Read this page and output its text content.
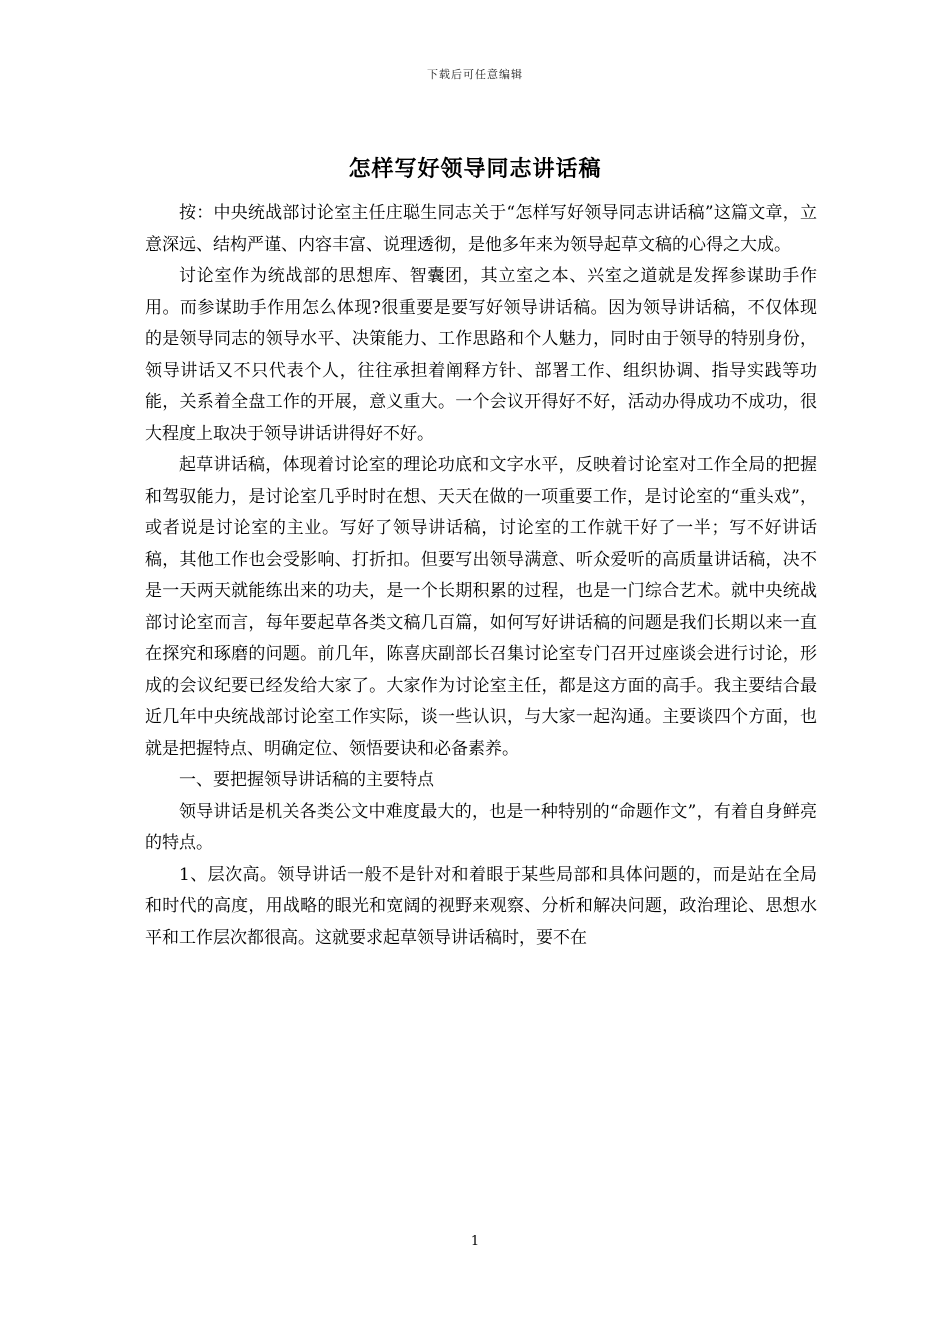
下载后可任意编辑
怎样写好领导同志讲话稿

按：中央统战部讨论室主任庄聪生同志关于“怎样写好领导同志讲话稿”这篇文章，立意深远、结构严谨、内容丰富、说理透彻，是他多年来为领导起草文稿的心得之大成。

讨论室作为统战部的思想库、智囊团，其立室之本、兴室之道就是发挥参谋助手作用。而参谋助手作用怎么体现?很重要是要写好领导讲话稿。因为领导讲话稿，不仅体现的是领导同志的领导水平、决策能力、工作思路和个人魅力，同时由于领导的特别身份，领导讲话又不只代表个人，往往承担着阐释方针、部署工作、组织协调、指导实践等功能，关系着全盘工作的开展，意义重大。一个会议开得好不好，活动办得成功不成功，很大程度上取决于领导讲话讲得好不好。

起草讲话稿，体现着讨论室的理论功底和文字水平，反映着讨论室对工作全局的把握和驾驭能力，是讨论室几乎时时在想、天天在做的一项重要工作，是讨论室的“重头戏”，或者说是讨论室的主业。写好了领导讲话稿，讨论室的工作就干好了一半；写不好讲话稿，其他工作也会受影响、打折扣。但要写出领导满意、听众爱听的高质量讲话稿，决不是一天两天就能练出来的功夫，是一个长期积累的过程，也是一门综合艺术。就中央统战部讨论室而言，每年要起草各类文稿几百篇，如何写好讲话稿的问题是我们长期以来一直在探究和琢磨的问题。前几年，陈喜庆副部长召集讨论室专门召开过座谈会进行讨论，形成的会议纪要已经发给大家了。大家作为讨论室主任，都是这方面的高手。我主要结合最近几年中央统战部讨论室工作实际，谈一些认识，与大家一起沟通。主要谈四个方面，也就是把握特点、明确定位、领悟要诀和必备素养。

一、要把握领导讲话稿的主要特点

领导讲话是机关各类公文中难度最大的，也是一种特别的“命题作文”，有着自身鲜亮的特点。

1、层次高。领导讲话一般不是针对和着眼于某些局部和具体问题的，而是站在全局和时代的高度，用战略的眼光和宽阔的视野来观察、分析和解决问题，政治理论、思想水平和工作层次都很高。这就要求起草领导讲话稿时，要不在

1
